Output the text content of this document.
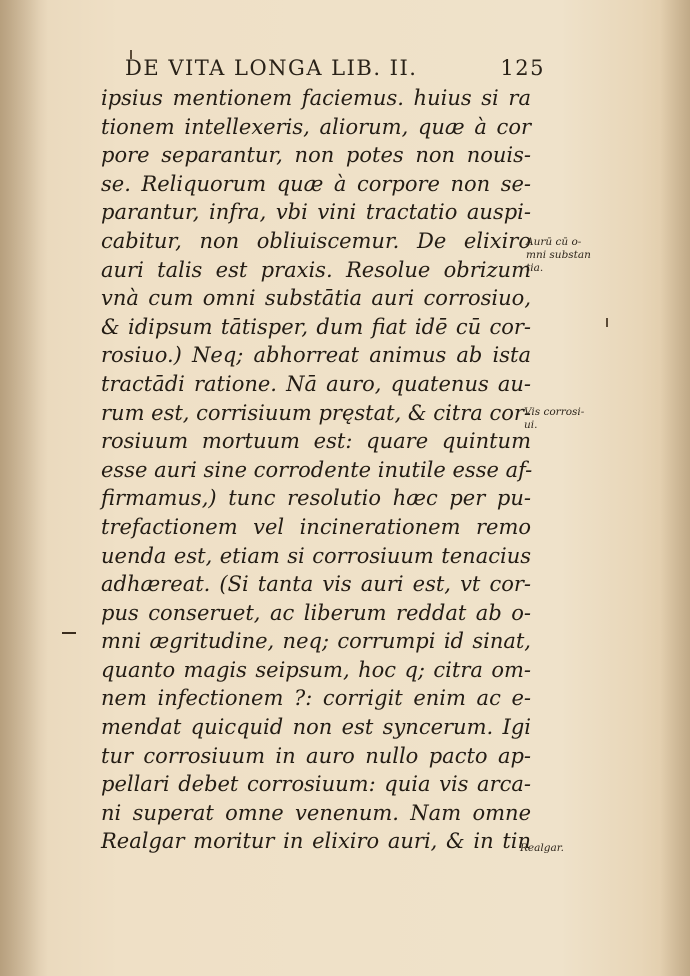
DE VITA LONGA LIB. II.	125
ipsius mentionem faciemus. huius si ra
tionem intellexeris, aliorum, quæ à cor
pore separantur, non potes non nouis-
se. Reliquorum quæ à corpore non se-
parantur, infra, vbi vini tractatio auspi-
cabitur, non obliuiscemur. De elixiro
auri talis est praxis. Resolue obrizum
vnà cum omni substātia auri corrosiuo,
& idipsum tātisper, dum fiat idē cū cor-
rosiuo.) Neq; abhorreat animus ab ista
tractādi ratione. Nā auro, quatenus au-
rum est, corrisiuum pręstat, & citra cor-
rosiuum mortuum est: quare quintum
esse auri sine corrodente inutile esse af-
firmamus,) tunc resolutio hæc per pu-
trefactionem vel incinerationem remo
uenda est, etiam si corrosiuum tenacius
adhæreat. (Si tanta vis auri est, vt cor-
pus conseruet, ac liberum reddat ab o-
mni ægritudine, neq; corrumpi id sinat,
quanto magis seipsum, hoc q; citra om-
nem infectionem ?: corrigit enim ac e-
mendat quicquid non est syncerum. Igi
tur corrosiuum in auro nullo pacto ap-
pellari debet corrosiuum: quia vis arca-
ni superat omne venenum. Nam omne
Realgar moritur in elixiro auri, & in tin
Aurū cū o-
mni substan
tia.
Vis corrosi-
ui.
Realgar.
